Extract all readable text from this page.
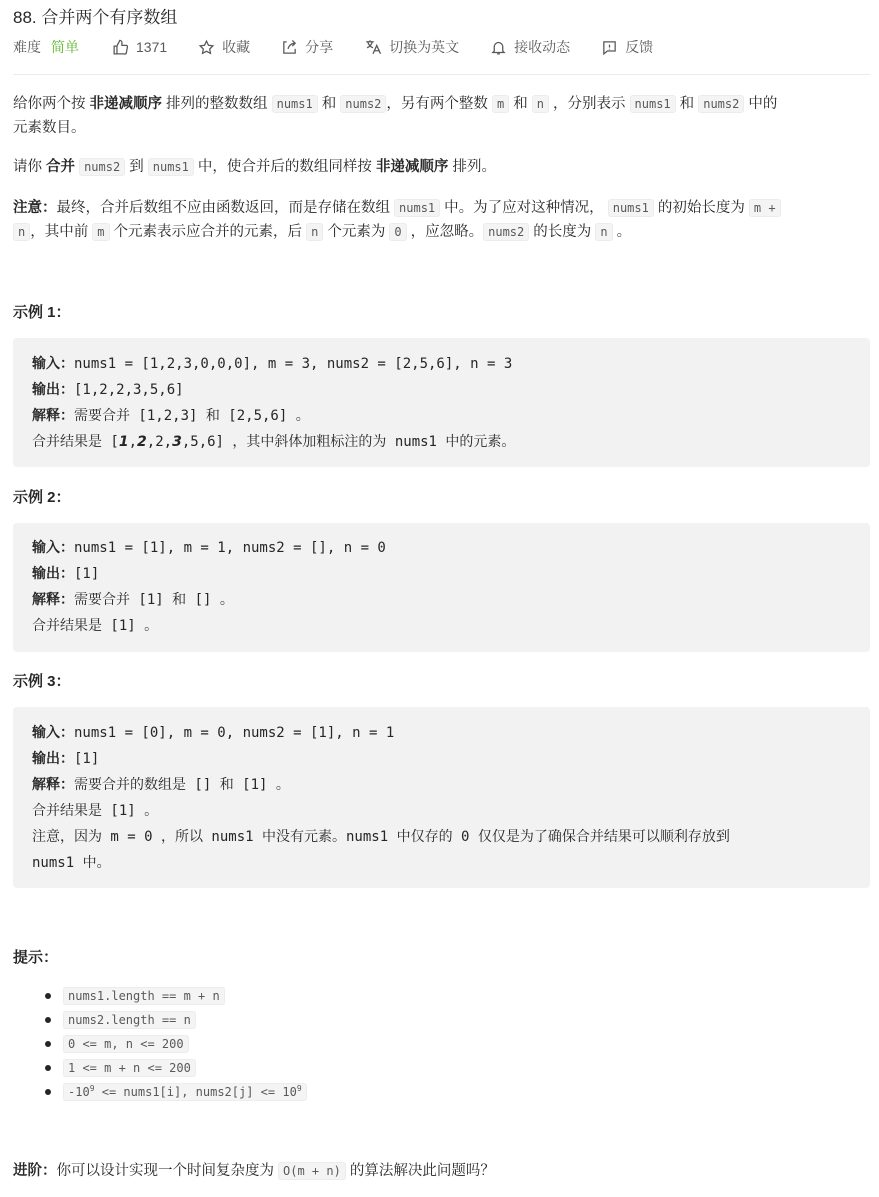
88. 合并两个有序数组
难度 简单	1371	收藏	分享	切换为英文	接收动态	反馈
给你两个按 非递减顺序 排列的整数数组 nums1 和 nums2 ，另有两个整数 m 和 n ，分别表示 nums1 和 nums2 中的
元素数目。
请你 合并 nums2 到 nums1 中，使合并后的数组同样按 非递减顺序 排列。
注意：最终，合并后数组不应由函数返回，而是存储在数组 nums1 中。为了应对这种情况， nums1 的初始长度为 m +
n ，其中前 m 个元素表示应合并的元素，后 n 个元素为 0 ，应忽略。 nums2 的长度为 n 。
示例 1：
输入：nums1 = [1,2,3,0,0,0], m = 3, nums2 = [2,5,6], n = 3
输出：[1,2,2,3,5,6]
解释：需要合并 [1,2,3] 和 [2,5,6] 。
合并结果是 [1,2,2,3,5,6] ，其中斜体加粗标注的为 nums1 中的元素。
示例 2：
输入：nums1 = [1], m = 1, nums2 = [], n = 0
输出：[1]
解释：需要合并 [1] 和 [] 。
合并结果是 [1] 。
示例 3：
输入：nums1 = [0], m = 0, nums2 = [1], n = 1
输出：[1]
解释：需要合并的数组是 [] 和 [1] 。
合并结果是 [1] 。
注意，因为 m = 0 ，所以 nums1 中没有元素。nums1 中仅存的 0 仅仅是为了确保合并结果可以顺利存放到
nums1 中。
提示：
nums1.length == m + n
nums2.length == n
0 <= m, n <= 200
1 <= m + n <= 200
$-10^9$ <= nums1[i], nums2[j] <= $10^9$
进阶：你可以设计实现一个时间复杂度为 O(m + n) 的算法解决此问题吗？
